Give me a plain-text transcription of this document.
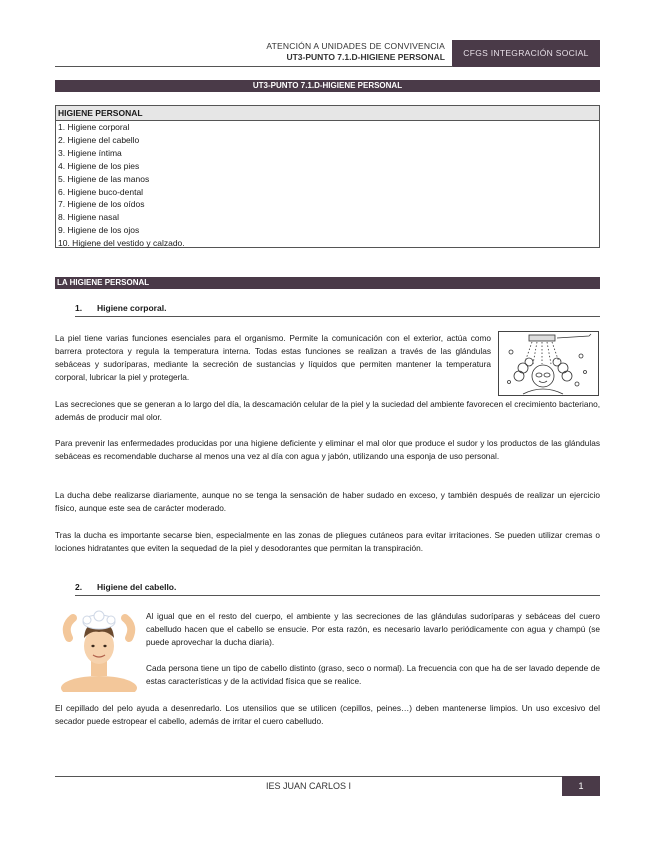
ATENCIÓN A UNIDADES DE CONVIVENCIA
UT3-PUNTO 7.1.D-HIGIENE PERSONAL	CFGS INTEGRACIÓN SOCIAL
UT3-PUNTO 7.1.D-HIGIENE PERSONAL
HIGIENE PERSONAL
1. Higiene corporal
2. Higiene del cabello
3. Higiene íntima
4. Higiene de los pies
5. Higiene de las manos
6. Higiene buco-dental
7. Higiene de los oídos
8. Higiene nasal
9. Higiene de los ojos
10. Higiene del vestido y calzado.
LA HIGIENE PERSONAL
1. Higiene corporal.
La piel tiene varias funciones esenciales para el organismo. Permite la comunicación con el exterior, actúa como barrera protectora y regula la temperatura interna. Todas estas funciones se realizan a través de las glándulas sebáceas y sudoríparas, mediante la secreción de sustancias y líquidos que permiten mantener la temperatura corporal, lubricar la piel y protegerla.
Las secreciones que se generan a lo largo del día, la descamación celular de la piel y la suciedad del ambiente favorecen el crecimiento bacteriano, además de producir mal olor.
Para prevenir las enfermedades producidas por una higiene deficiente y eliminar el mal olor que produce el sudor y los productos de las glándulas sebáceas es recomendable ducharse al menos una vez al día con agua y jabón, utilizando una esponja de uso personal.
La ducha debe realizarse diariamente, aunque no se tenga la sensación de haber sudado en exceso, y también después de realizar un ejercicio físico, aunque este sea de carácter moderado.
Tras la ducha es importante secarse bien, especialmente en las zonas de pliegues cutáneos para evitar irritaciones. Se pueden utilizar cremas o lociones hidratantes que eviten la sequedad de la piel y desodorantes que permitan la transpiración.
2. Higiene del cabello.
Al igual que en el resto del cuerpo, el ambiente y las secreciones de las glándulas sudoríparas y sebáceas del cuero cabelludo hacen que el cabello se ensucie. Por esta razón, es necesario lavarlo periódicamente con agua y champú (se puede aprovechar la ducha diaria).
Cada persona tiene un tipo de cabello distinto (graso, seco o normal). La frecuencia con que ha de ser lavado depende de estas características y de la actividad física que se realice.
El cepillado del pelo ayuda a desenredarlo. Los utensilios que se utilicen (cepillos, peines…) deben mantenerse limpios. Un uso excesivo del secador puede estropear el cabello, además de irritar el cuero cabelludo.
IES JUAN CARLOS I	1
